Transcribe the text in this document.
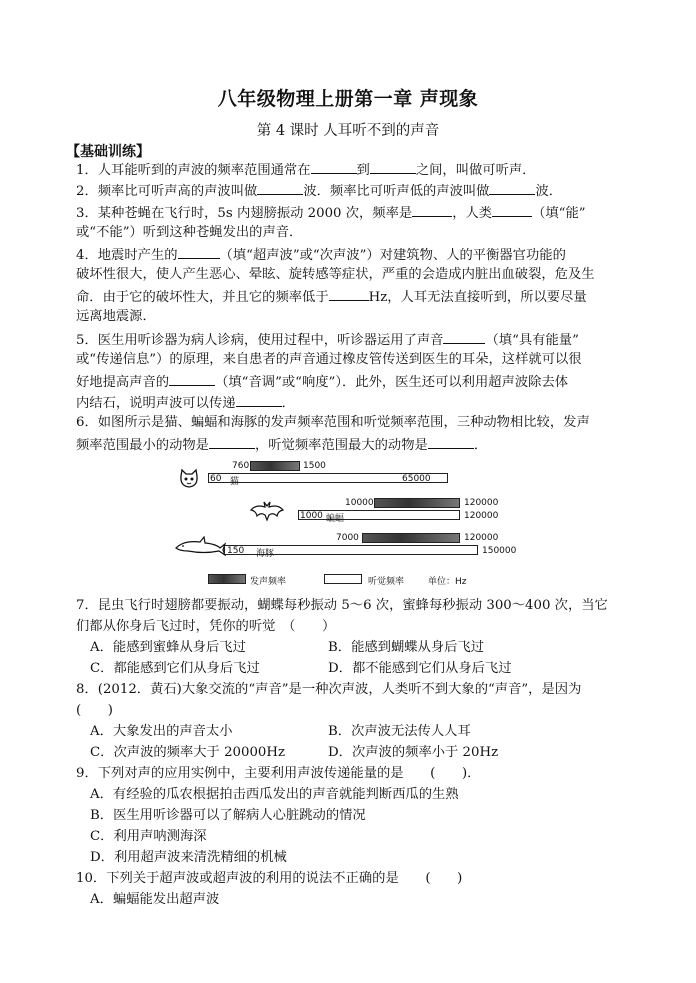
八年级物理上册第一章 声现象
第 4 课时 人耳听不到的声音
【基础训练】
1．人耳能听到的声波的频率范围通常在	到	之间，叫做可听声．
2．频率比可听声高的声波叫做	波．频率比可听声低的声波叫做	波．
3．某种苍蝇在飞行时，5s 内翅膀振动 2000 次，频率是	，人类	（填“能”
或“不能”）听到这种苍蝇发出的声音．
4．地震时产生的	（填“超声波”或“次声波”）对建筑物、人的平衡器官功能的
破坏性很大，使人产生恶心、晕眩、旋转感等症状，严重的会造成内脏出血破裂，危及生
命．由于它的破坏性大，并且它的频率低于	Hz，人耳无法直接听到，所以要尽量
远离地震源．
5．医生用听诊器为病人诊病，使用过程中，听诊器运用了声音	（填“具有能量”
或“传递信息”）的原理，来自患者的声音通过橡皮管传送到医生的耳朵，这样就可以很
好地提高声音的	（填“音调”或“响度”）．此外，医生还可以利用超声波除去体
内结石，说明声波可以传递	．
6．如图所示是猫、蝙蝠和海豚的发声频率范围和听觉频率范围，三种动物相比较，发声
频率范围最小的动物是	，听觉频率范围最大的动物是	．
760	1500
60 猫	65000
10000	120000
1000 蝙蝠	120000
7000	120000
150 海豚	150000
发声频率	听觉频率	单位：Hz
7．昆虫飞行时翅膀都要振动，蝴蝶每秒振动 5～6 次，蜜蜂每秒振动 300～400 次，当它
们都从你身后飞过时，凭你的听觉　（　　）
A．能感到蜜蜂从身后飞过	B．能感到蝴蝶从身后飞过
C．都能感到它们从身后飞过	D．都不能感到它们从身后飞过
8．(2012．黄石)大象交流的“声音”是一种次声波，人类听不到大象的“声音”，是因为
(　　)
A．大象发出的声音太小	B．次声波无法传人人耳
C．次声波的频率大于 20000Hz	D．次声波的频率小于 20Hz
9．下列对声的应用实例中，主要利用声波传递能量的是　　(　　)．
A．有经验的瓜农根据拍击西瓜发出的声音就能判断西瓜的生熟
B．医生用听诊器可以了解病人心脏跳动的情况
C．利用声呐测海深
D．利用超声波来清洗精细的机械
10．下列关于超声波或超声波的利用的说法不正确的是　　(　　)
A．蝙蝠能发出超声波
